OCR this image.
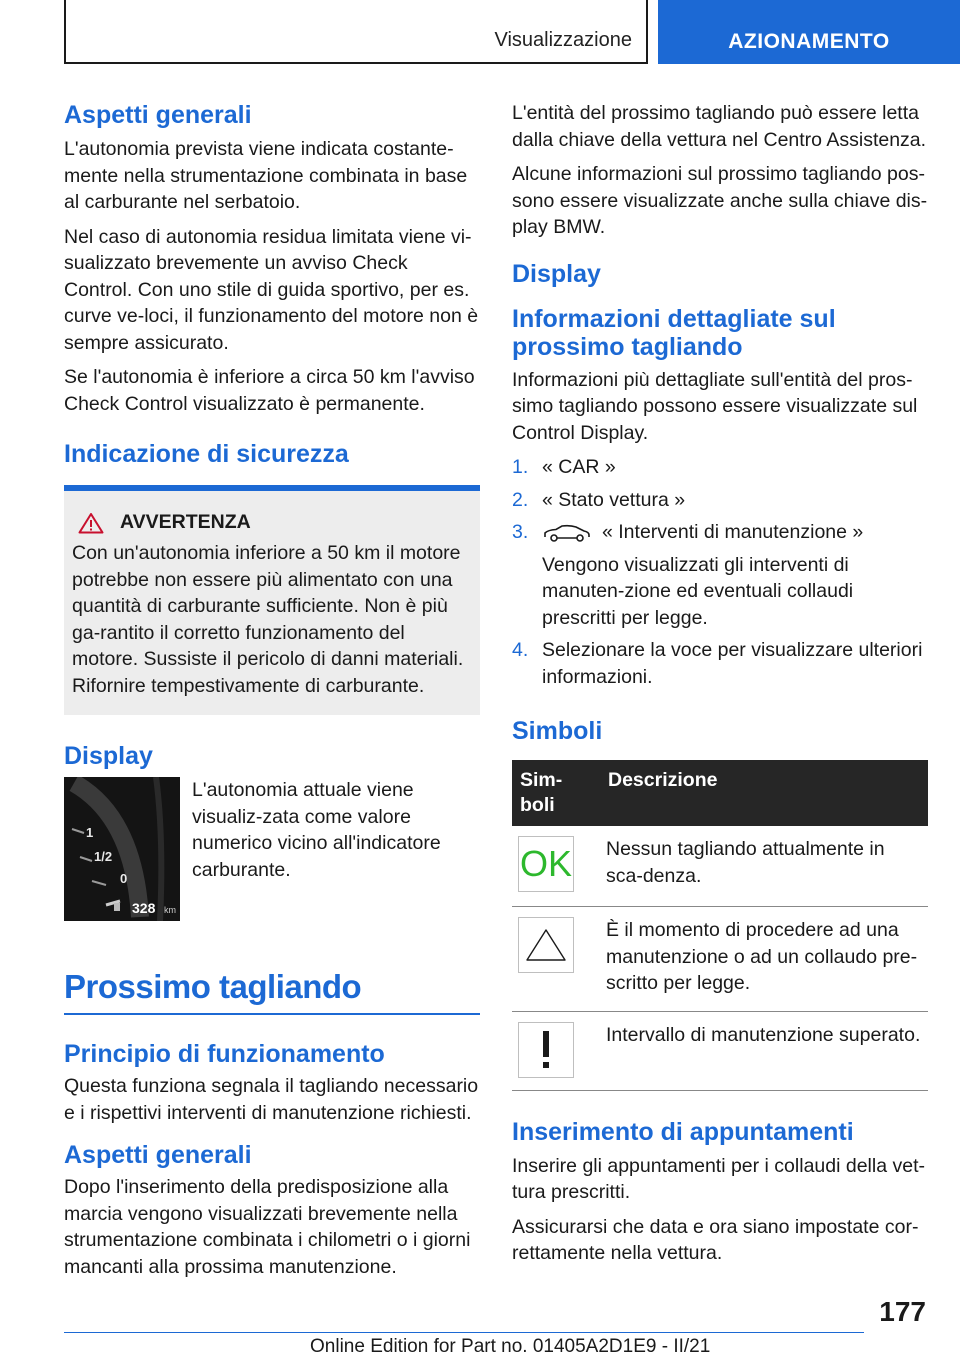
Visualizzazione	AZIONAMENTO
Aspetti generali

L'autonomia prevista viene indicata costante-mente nella strumentazione combinata in base al carburante nel serbatoio.

Nel caso di autonomia residua limitata viene vi-sualizzato brevemente un avviso Check Control. Con uno stile di guida sportivo, per es. curve ve-loci, il funzionamento del motore non è sempre assicurato.

Se l'autonomia è inferiore a circa 50 km l'avviso Check Control visualizzato è permanente.

Indicazione di sicurezza
AVVERTENZA

Con un'autonomia inferiore a 50 km il motore potrebbe non essere più alimentato con una quantità di carburante sufficiente. Non è più ga-rantito il corretto funzionamento del motore. Sussiste il pericolo di danni materiali. Rifornire tempestivamente di carburante.

Display
1
1/2
0
328 km

L'autonomia attuale viene visualiz-zata come valore numerico vicino all'indicatore carburante.

Prossimo tagliando
Principio di funzionamento

Questa funziona segnala il tagliando necessario e i rispettivi interventi di manutenzione richiesti.

Aspetti generali

Dopo l'inserimento della predisposizione alla marcia vengono visualizzati brevemente nella strumentazione combinata i chilometri o i giorni mancanti alla prossima manutenzione.

L'entità del prossimo tagliando può essere letta dalla chiave della vettura nel Centro Assistenza.

Alcune informazioni sul prossimo tagliando pos-sono essere visualizzate anche sulla chiave dis-play BMW.

Display
Informazioni dettagliate sul prossimo tagliando

Informazioni più dettagliate sull'entità del pros-simo tagliando possono essere visualizzate sul Control Display.

1. « CAR »
2. « Stato vettura »
3.	« Interventi di manutenzione »
Vengono visualizzati gli interventi di manuten-zione ed eventuali collaudi prescritti per legge.
4. Selezionare la voce per visualizzare ulteriori informazioni.
Simboli
Sim-boli	Descrizione

OK	Nessun tagliando attualmente in sca-denza.

	È il momento di procedere ad una manutenzione o ad un collaudo pre-scritto per legge.

	Intervallo di manutenzione superato.
Inserimento di appuntamenti

Inserire gli appuntamenti per i collaudi della vet-tura prescritti.

Assicurarsi che data e ora siano impostate cor-rettamente nella vettura.

177
Online Edition for Part no. 01405A2D1E9 - II/21
